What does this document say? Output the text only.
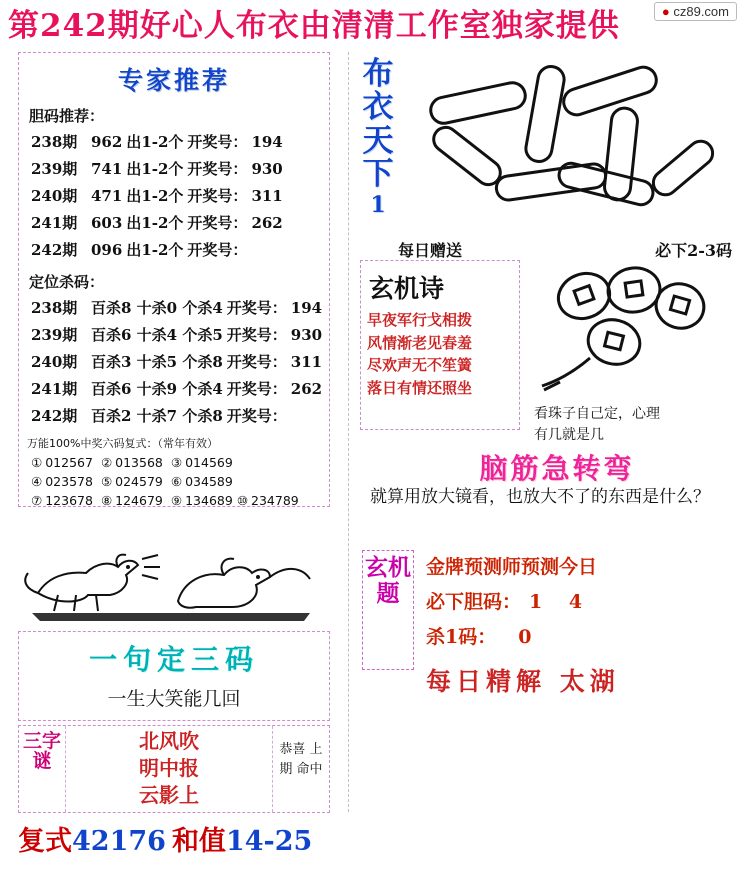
第242期好心人布衣由清清工作室独家提供	● cz89.com
专家推荐
胆码推荐：
238期	962	出1-2个	开奖号：	194
239期	741	出1-2个	开奖号：	930
240期	471	出1-2个	开奖号：	311
241期	603	出1-2个	开奖号：	262
242期	096	出1-2个	开奖号：	
定位杀码：
238期	百杀8 十杀0 个杀4	开奖号：	194
239期	百杀6 十杀4 个杀5	开奖号：	930
240期	百杀3 十杀5 个杀8	开奖号：	311
241期	百杀6 十杀9 个杀4	开奖号：	262
242期	百杀2 十杀7 个杀8	开奖号：	
万能100%中奖六码复式：（常年有效）
① 012567	② 013568	③ 014569
④ 023578	⑤ 024579	⑥ 034589
⑦ 123678	⑧ 124679	⑨ 134689 ⑩ 234789
一句定三码
一生大笑能几回
三字谜
北风吹
明中报
云影上
恭喜 上期 命中
复式42176 和值14-25
布衣天下
1
每日赠送	必下2-3码
玄机诗
早夜军行戈相拨
风情渐老见春羞
尽欢声无不笙簧
落日有情还照坐
看珠子自己定，心理
有几就是几
脑筋急转弯
就算用放大镜看，也放大不了的东西是什么？
玄机题
金牌预测师预测今日
必下胆码： 1 4
杀1码： 0
每日精解 太湖
